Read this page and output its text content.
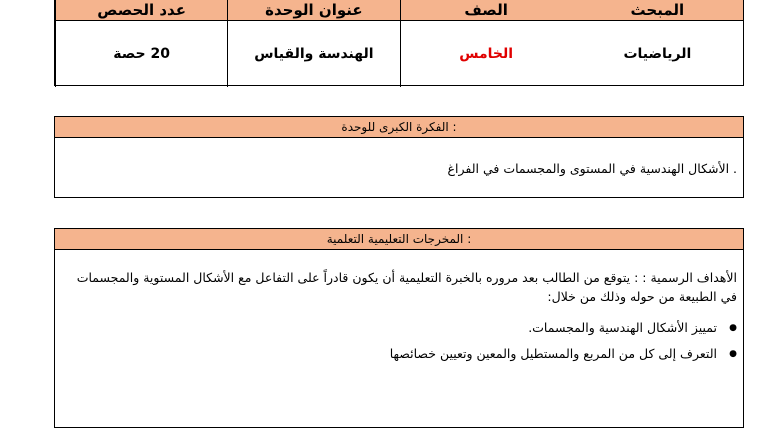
المبحث
الصف
عنوان الوحدة
عدد الحصص
الرياضيات
الخامس
الهندسة والقياس
20 حصة
الفكرة الكبرى للوحدة :
. الأشكال الهندسية في المستوى والمجسمات في الفراغ
المخرجات التعليمية التعلمية :
الأهداف الرسمية : : يتوقع من الطالب بعد مروره بالخبرة التعليمية أن يكون قادراً على التفاعل مع الأشكال المستوية والمجسمات في الطبيعة من حوله وذلك من خلال:
● تمييز الأشكال الهندسية والمجسمات.
● التعرف إلى كل من المربع والمستطيل والمعين وتعيين خصائصها
